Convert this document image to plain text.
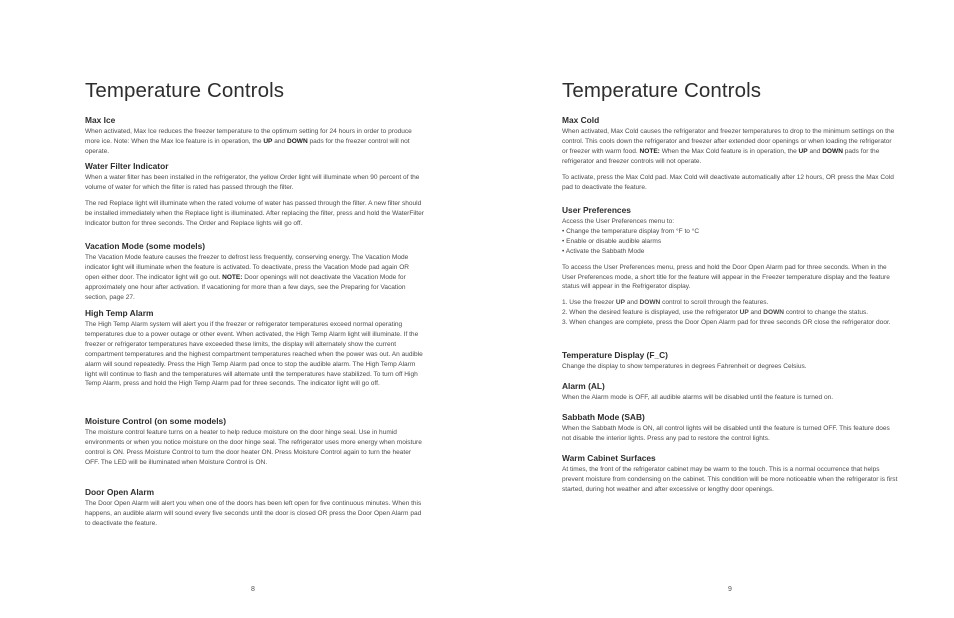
Temperature Controls
Max Ice

When activated, Max Ice reduces the freezer temperature to the optimum setting for 24 hours in order to produce more ice. Note: When the Max Ice feature is in operation, the UP and DOWN pads for the freezer control will not operate.

Water Filter Indicator

When a water filter has been installed in the refrigerator, the yellow Order light will illuminate when 90 percent of the volume of water for which the filter is rated has passed through the filter.

The red Replace light will illuminate when the rated volume of water has passed through the filter. A new filter should be installed immediately when the Replace light is illuminated. After replacing the filter, press and hold the WaterFilter Indicator button for three seconds. The Order and Replace lights will go off.

Vacation Mode (some models)

The Vacation Mode feature causes the freezer to defrost less frequently, conserving energy. The Vacation Mode indicator light will illuminate when the feature is activated. To deactivate, press the Vacation Mode pad again OR open either door. The indicator light will go out. NOTE: Door openings will not deactivate the Vacation Mode for approximately one hour after activation. If vacationing for more than a few days, see the Preparing for Vacation section, page 27.

High Temp Alarm

The High Temp Alarm system will alert you if the freezer or refrigerator temperatures exceed normal operating temperatures due to a power outage or other event. When activated, the High Temp Alarm light will illuminate. If the freezer or refrigerator temperatures have exceeded these limits, the display will alternately show the current compartment temperatures and the highest compartment temperatures reached when the power was out. An audible alarm will sound repeatedly. Press the High Temp Alarm pad once to stop the audible alarm. The High Temp Alarm light will continue to flash and the temperatures will alternate until the temperatures have stabilized. To turn off High Temp Alarm, press and hold the High Temp Alarm pad for three seconds. The indicator light will go off.

Moisture Control (on some models)

The moisture control feature turns on a heater to help reduce moisture on the door hinge seal. Use in humid environments or when you notice moisture on the door hinge seal. The refrigerator uses more energy when moisture control is ON. Press Moisture Control to turn the door heater ON. Press Moisture Control again to turn the heater OFF. The LED will be illuminated when Moisture Control is ON.

Door Open Alarm

The Door Open Alarm will alert you when one of the doors has been left open for five continuous minutes. When this happens, an audible alarm will sound every five seconds until the door is closed OR press the Door Open Alarm pad to deactivate the feature.

8
Temperature Controls
Max Cold

When activated, Max Cold causes the refrigerator and freezer temperatures to drop to the minimum settings on the control. This cools down the refrigerator and freezer after extended door openings or when loading the refrigerator or freezer with warm food. NOTE: When the Max Cold feature is in operation, the UP and DOWN pads for the refrigerator and freezer controls will not operate.

To activate, press the Max Cold pad. Max Cold will deactivate automatically after 12 hours, OR press the Max Cold pad to deactivate the feature.

User Preferences

Access the User Preferences menu to:

• Change the temperature display from °F to °C
• Enable or disable audible alarms
• Activate the Sabbath Mode

To access the User Preferences menu, press and hold the Door Open Alarm pad for three seconds. When in the User Preferences mode, a short title for the feature will appear in the Freezer temperature display and the feature status will appear in the Refrigerator display.

1. Use the freezer UP and DOWN control to scroll through the features.
2. When the desired feature is displayed, use the refrigerator UP and DOWN control to change the status.
3. When changes are complete, press the Door Open Alarm pad for three seconds OR close the refrigerator door.
Temperature Display (F_C)

Change the display to show temperatures in degrees Fahrenheit or degrees Celsius.

Alarm (AL)

When the Alarm mode is OFF, all audible alarms will be disabled until the feature is turned on.

Sabbath Mode (SAB)

When the Sabbath Mode is ON, all control lights will be disabled until the feature is turned OFF. This feature does not disable the interior lights. Press any pad to restore the control lights.

Warm Cabinet Surfaces

At times, the front of the refrigerator cabinet may be warm to the touch. This is a normal occurrence that helps prevent moisture from condensing on the cabinet. This condition will be more noticeable when the refrigerator is first started, during hot weather and after excessive or lengthy door openings.

9
